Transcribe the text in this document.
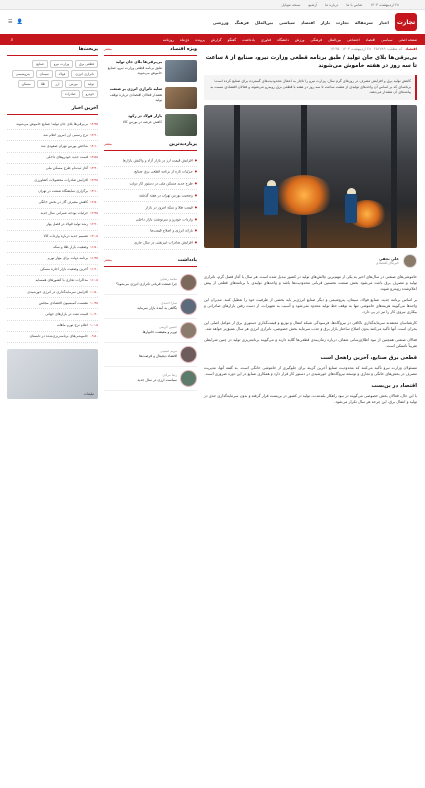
۲۸ اردیبهشت ۱۴۰۳
تماس با ما
درباره ما
آرشیو
نسخه موبایل
تجارت
اخبار
سرمقاله
تجارت
بازار
اقتصاد
سیاسی
بین‌الملل
فرهنگ
ورزشی
👤
☰
صفحه اصلی
سیاسی
اقتصاد
اجتماعی
بین‌الملل
فرهنگی
ورزش
دانشگاه
فناوری
یادداشت
گفتگو
گزارش
پرونده
دی‌ماه
روزنامه
⌕
اقتصاد
کد مطلب: ۴۵۶۷۸۹
۲۸ اردیبهشت ۱۴۰۳
۱۴:۳۵
بی‌برقی‌ها بلای جان تولید / طبق برنامه قطعی وزارت نیرو، صنایع از ۸ ساعت تا سه روز در هفته خاموش می‌شوند
کاهش تولید برق و افزایش مصرف در روزهای گرم سال، وزارت نیرو را ناچار به اعمال محدودیت‌های گسترده برای صنایع کرده است؛ برنامه‌ای که بر اساس آن واحدهای تولیدی از هشت ساعت تا سه روز در هفته با قطعی برق روبه‌رو می‌شوند و فعالان اقتصادی نسبت به پیامدهای آن هشدار می‌دهند.
علی نجفی
خبرنگار اقتصادی

خاموشی‌های صنعتی در سال‌های اخیر به یکی از مهم‌ترین چالش‌های تولید در کشور تبدیل شده است. هر سال با آغاز فصل گرم، ناترازی تولید و مصرف برق باعث می‌شود بخش صنعت نخستین قربانی محدودیت‌ها باشد و واحدهای تولیدی با برنامه‌های قطعی از پیش اعلام‌شده روبه‌رو شوند.

بر اساس برنامه جدید، صنایع فولاد، سیمان، پتروشیمی و دیگر صنایع انرژی‌بر باید بخشی از ظرفیت خود را تعطیل کنند. مدیران این واحدها می‌گویند هزینه‌های خاموشی تنها به توقف خط تولید محدود نمی‌شود و آسیب به تجهیزات، از دست رفتن بازارهای صادراتی و بیکاری نیروی کار را نیز در پی دارد.

کارشناسان معتقدند سرمایه‌گذاری ناکافی در نیروگاه‌ها، فرسودگی شبکه انتقال و توزیع و قیمت‌گذاری دستوری برق از عوامل اصلی این بحران است. آنها تأکید می‌کنند بدون اصلاح ساختار بازار برق و جذب سرمایه بخش خصوصی، ناترازی انرژی هر سال عمیق‌تر خواهد شد.

فعالان صنعتی همچنین از نبود اطلاع‌رسانی شفاف درباره زمان‌بندی قطعی‌ها گلایه دارند و می‌گویند برنامه‌ریزی تولید در چنین شرایطی تقریباً ناممکن است.

قطعی برق صنایع، آخرین راهحل است

مسئولان وزارت نیرو تأکید می‌کنند که محدودیت صنایع آخرین گزینه برای جلوگیری از خاموشی خانگی است. به گفته آنها، مدیریت مصرف در بخش‌های خانگی و تجاری و توسعه نیروگاه‌های خورشیدی در دستور کار قرار دارد و همکاری صنایع در این دوره ضروری است.

اقتصاد در بن‌بست

با این حال، فعالان بخش خصوصی می‌گویند در نبود راهکار بلندمدت، تولید در کشور در بن‌بست قرار گرفته و بدون سرمایه‌گذاری جدی در تولید و انتقال برق، این چرخه هر سال تکرار می‌شود.

ویژه اقتصاد
بیشتر
بی‌برقی‌ها بلای جان تولید
طبق برنامه قطعی وزارت نیرو، صنایع خاموش می‌شوند
سایه ناترازی انرژی بر صنعت
هشدار فعالان اقتصادی درباره توقف تولید
بازار فولاد در رکود
کاهش عرضه در بورس کالا
پربازدیدترین
بیشتر
● افزایش قیمت ارز در بازار آزاد و واکنش بازارها
● جزئیات تازه از برنامه قطعی برق صنایع
● طرح جدید مسکن ملی در دستور کار دولت
● وضعیت بورس تهران در هفته گذشته
● قیمت طلا و سکه امروز در بازار
● واردات خودرو و سرنوشت بازار داخلی
● یارانه انرژی و اصلاح قیمت‌ها
● افزایش صادرات غیرنفتی در سال جاری
یادداشت
بیشتر
محمد رضایی
چرا صنعت قربانی ناترازی انرژی می‌شود؟
سارا احمدی
نگاهی به آینده بازار سرمایه
حسین کریمی
تورم و معیشت خانوارها
مریم حسینی
اقتصاد دیجیتال و فرصت‌ها
رضا مرادی
سیاست ارزی در سال جدید
پربحث‌ها
قطعی برق
وزارت نیرو
صنایع
ناترازی انرژی
فولاد
سیمان
پتروشیمی
تولید
بورس
ارز
طلا
مسکن
خودرو
صادرات
آخرین اخبار
۱۴:۳۵بی‌برقی‌ها بلای جان تولید؛ صنایع خاموش می‌شوند
۱۴:۲۰نرخ رسمی ارز امروز اعلام شد
۱۴:۱۰شاخص بورس تهران صعودی شد
۱۳:۵۵قیمت جدید خودروهای داخلی
۱۳:۴۰آغاز ثبت‌نام طرح مسکن ملی
۱۳:۲۵افزایش صادرات محصولات کشاورزی
۱۳:۱۰برگزاری نمایشگاه صنعت در تهران
۱۲:۵۰کاهش مصرف گاز در بخش خانگی
۱۲:۳۵جزئیات بودجه عمرانی سال جدید
۱۲:۲۰رشد تولید فولاد در فصل بهار
۱۲:۰۵تصمیم جدید درباره واردات کالا
۱۱:۵۰وضعیت بازار طلا و سکه
۱۱:۳۵برنامه دولت برای مهار تورم
۱۱:۲۰آخرین وضعیت بازار اجاره مسکن
۱۱:۰۵مذاکرات تجاری با کشورهای همسایه
۱۰:۵۰افزایش سرمایه‌گذاری در انرژی خورشیدی
۱۰:۳۵نشست کمیسیون اقتصادی مجلس
۱۰:۲۰قیمت نفت در بازارهای جهانی
۱۰:۰۵اعلام نرخ تورم ماهانه
۰۹:۵۰خاموشی‌های برنامه‌ریزی‌شده در تابستان
تبلیغات
